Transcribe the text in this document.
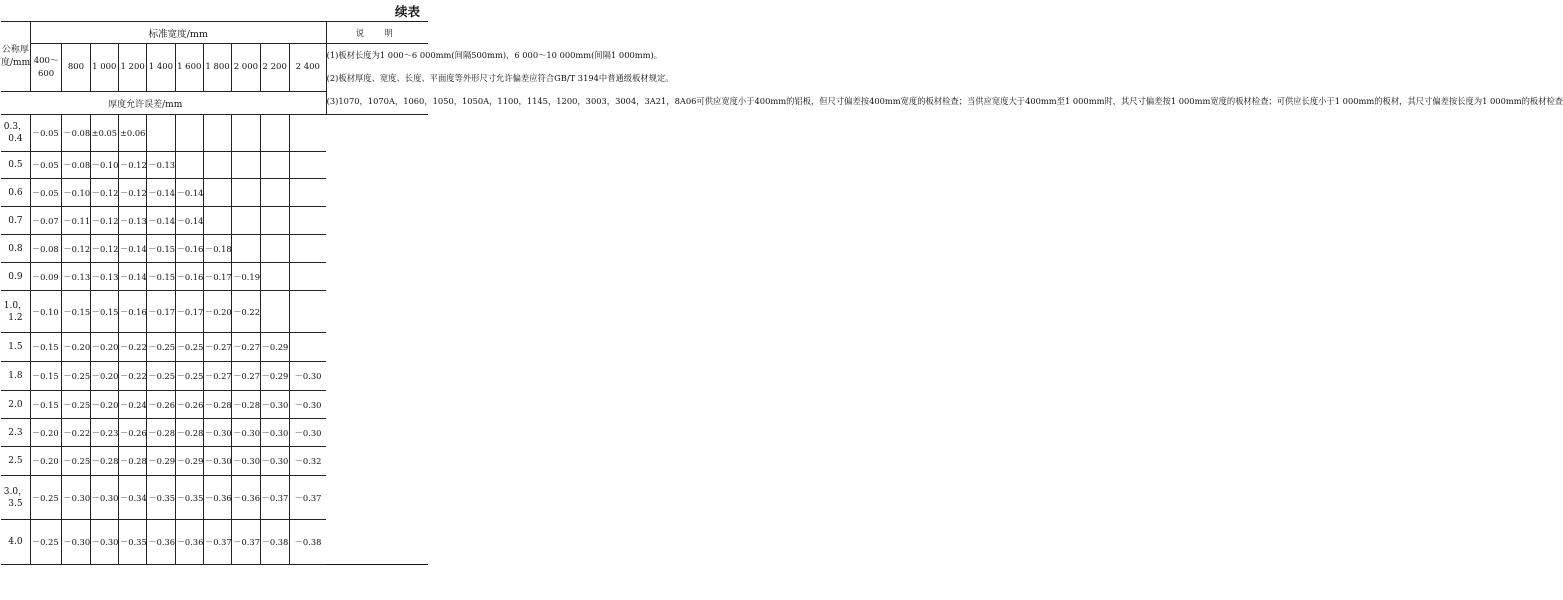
续表
公称厚度/mm	标准宽度/mm										说　明
	400～600	800	1 000	1 200	1 400	1 600	1 800	2 000	2 200	2 400	(1)板材长度为1 000～6 000mm(间隔500mm)，6 000～10 000mm(间隔1 000mm)。

(2)板材厚度、宽度、长度、平面度等外形尺寸允许偏差应符合GB/T 3194中普通级板材规定。

(3)1070，1070A，1060，1050，1050A，1100，1145，1200，3003，3004，3A21，8A06可供应宽度小于400mm的铝板，但尺寸偏差按400mm宽度的板材检查；当供应宽度大于400mm至1 000mm时，其尺寸偏差按1 000mm宽度的板材检查；可供应长度小于1 000mm的板材，其尺寸偏差按长度为1 000mm的板材检查

厚度允许误差/mm											
0.3，0.4	－0.05	－0.08	±0.05	±0.06							
0.5	－0.05	－0.08	－0.10	－0.12	－0.13						
0.6	－0.05	－0.10	－0.12	－0.12	－0.14	－0.14					
0.7	－0.07	－0.11	－0.12	－0.13	－0.14	－0.14					
0.8	－0.08	－0.12	－0.12	－0.14	－0.15	－0.16	－0.18				
0.9	－0.09	－0.13	－0.13	－0.14	－0.15	－0.16	－0.17	－0.19			
1.0，1.2	－0.10	－0.15	－0.15	－0.16	－0.17	－0.17	－0.20	－0.22			
1.5	－0.15	－0.20	－0.20	－0.22	－0.25	－0.25	－0.27	－0.27	－0.29		
1.8	－0.15	－0.25	－0.20	－0.22	－0.25	－0.25	－0.27	－0.27	－0.29	－0.30	
2.0	－0.15	－0.25	－0.20	－0.24	－0.26	－0.26	－0.28	－0.28	－0.30	－0.30	
2.3	－0.20	－0.22	－0.23	－0.26	－0.28	－0.28	－0.30	－0.30	－0.30	－0.30	
2.5	－0.20	－0.25	－0.28	－0.28	－0.29	－0.29	－0.30	－0.30	－0.30	－0.32	
3.0，3.5	－0.25	－0.30	－0.30	－0.34	－0.35	－0.35	－0.36	－0.36	－0.37	－0.37	
4.0	－0.25	－0.30	－0.30	－0.35	－0.36	－0.36	－0.37	－0.37	－0.38	－0.38	
